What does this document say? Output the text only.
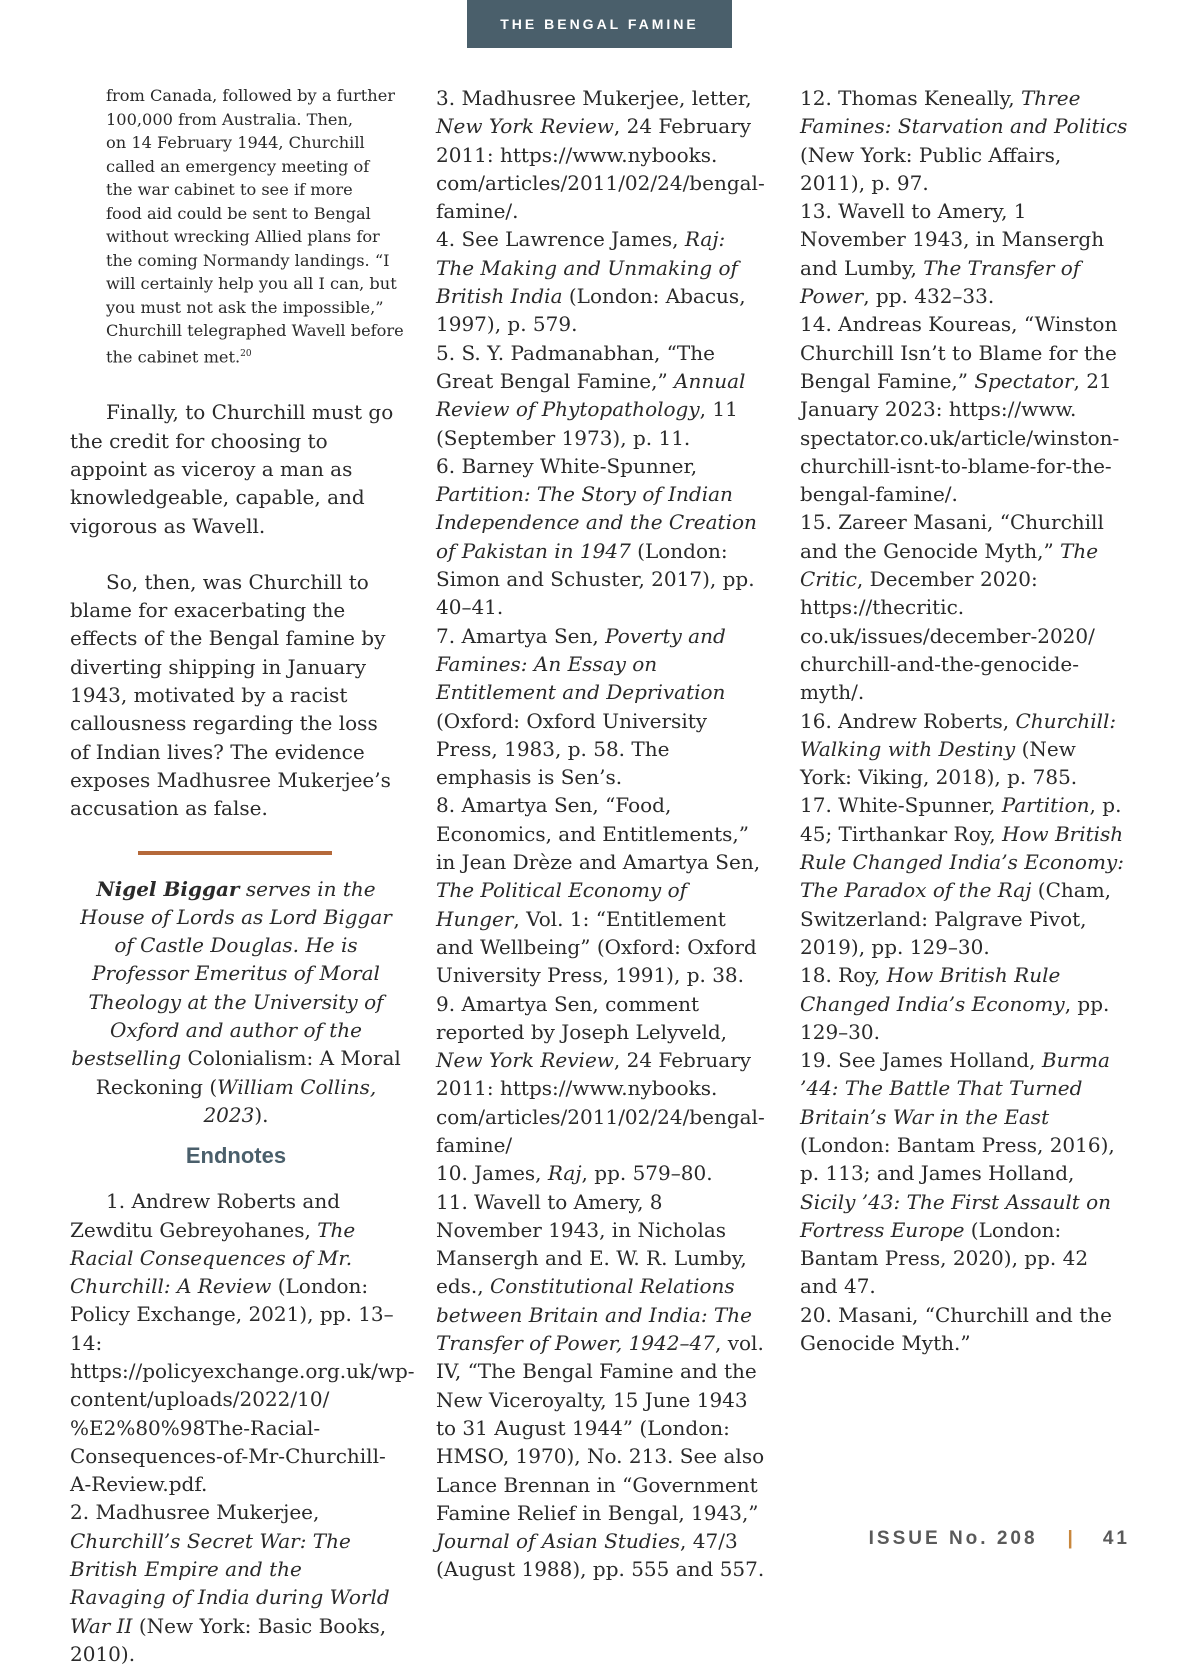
THE BENGAL FAMINE

from Canada, followed by a further
100,000 from Australia. Then,
on 14 February 1944, Churchill
called an emergency meeting of
the war cabinet to see if more
food aid could be sent to Bengal
without wrecking Allied plans for
the coming Normandy landings. “I
will certainly help you all I can, but
you must not ask the impossible,”
Churchill telegraphed Wavell before
the cabinet met.$^{20}$

Finally, to Churchill must go the credit for choosing to appoint as viceroy a man as knowledgeable, capable, and vigorous as Wavell.

So, then, was Churchill to blame for exacerbating the effects of the Bengal famine by diverting shipping in January 1943, motivated by a racist callousness regarding the loss of Indian lives? The evidence exposes Madhusree Mukerjee’s accusation as false.

Nigel Biggar serves in the House of Lords as Lord Biggar of Castle Douglas. He is Professor Emeritus of Moral Theology at the University of Oxford and author of the bestselling Colonialism: A Moral Reckoning (William Collins, 2023).

Endnotes

1. Andrew Roberts and Zewditu Gebreyohanes, The Racial Consequences of Mr. Churchill: A Review (London: Policy Exchange, 2021), pp. 13–14: https://policyexchange.org.uk/wp-content/uploads/2022/10/ %E2%80%98The-Racial-Consequences-of-Mr-Churchill-A-Review.pdf.

2. Madhusree Mukerjee, Churchill’s Secret War: The British Empire and the Ravaging of India during World War II (New York: Basic Books, 2010).

3. Madhusree Mukerjee, letter, New York Review, 24 February 2011: https://www.nybooks. com/articles/2011/02/24/bengal-famine/.

4. See Lawrence James, Raj: The Making and Unmaking of British India (London: Abacus, 1997), p. 579.

5. S. Y. Padmanabhan, “The Great Bengal Famine,” Annual Review of Phytopathology, 11 (September 1973), p. 11.

6. Barney White-Spunner, Partition: The Story of Indian Independence and the Creation of Pakistan in 1947 (London: Simon and Schuster, 2017), pp. 40–41.

7. Amartya Sen, Poverty and Famines: An Essay on Entitlement and Deprivation (Oxford: Oxford University Press, 1983, p. 58. The emphasis is Sen’s.

8. Amartya Sen, “Food, Economics, and Entitlements,” in Jean Drèze and Amartya Sen, The Political Economy of Hunger, Vol. 1: “Entitlement and Wellbeing” (Oxford: Oxford University Press, 1991), p. 38.

9. Amartya Sen, comment reported by Joseph Lelyveld, New York Review, 24 February 2011: https://www.nybooks. com/articles/2011/02/24/bengal-famine/

10. James, Raj, pp. 579–80.

11. Wavell to Amery, 8 November 1943, in Nicholas Mansergh and E. W. R. Lumby, eds., Constitutional Relations between Britain and India: The Transfer of Power, 1942–47, vol. IV, “The Bengal Famine and the New Viceroyalty, 15 June 1943 to 31 August 1944” (London: HMSO, 1970), No. 213. See also Lance Brennan in “Government Famine Relief in Bengal, 1943,” Journal of Asian Studies, 47/3 (August 1988), pp. 555 and 557.

12. Thomas Keneally, Three Famines: Starvation and Politics (New York: Public Affairs, 2011), p. 97.

13. Wavell to Amery, 1 November 1943, in Mansergh and Lumby, The Transfer of Power, pp. 432–33.

14. Andreas Koureas, “Winston Churchill Isn’t to Blame for the Bengal Famine,” Spectator, 21 January 2023: https://www. spectator.co.uk/article/winston-churchill-isnt-to-blame-for-the-bengal-famine/.

15. Zareer Masani, “Churchill and the Genocide Myth,” The Critic, December 2020: https://thecritic. co.uk/issues/december-2020/ churchill-and-the-genocide-myth/.

16. Andrew Roberts, Churchill: Walking with Destiny (New York: Viking, 2018), p. 785.

17. White-Spunner, Partition, p. 45; Tirthankar Roy, How British Rule Changed India’s Economy: The Paradox of the Raj (Cham, Switzerland: Palgrave Pivot, 2019), pp. 129–30.

18. Roy, How British Rule Changed India’s Economy, pp. 129–30.

19. See James Holland, Burma ’44: The Battle That Turned Britain’s War in the East (London: Bantam Press, 2016), p. 113; and James Holland, Sicily ’43: The First Assault on Fortress Europe (London: Bantam Press, 2020), pp. 42 and 47.

20. Masani, “Churchill and the Genocide Myth.”

ISSUE No. 208 | 41
